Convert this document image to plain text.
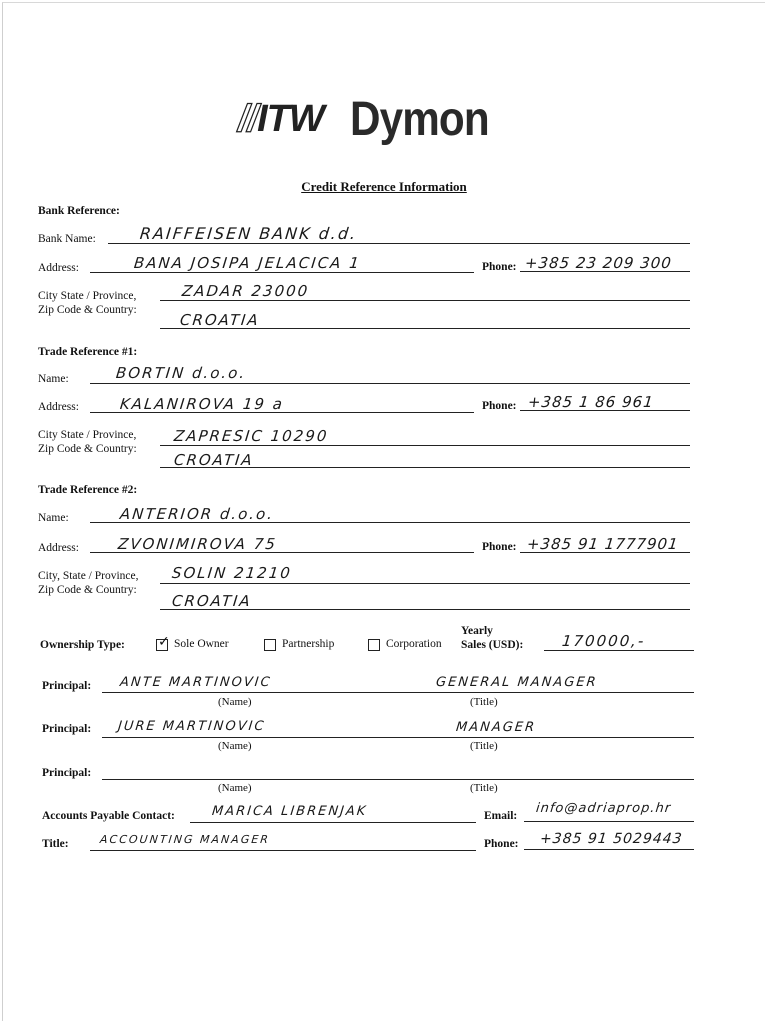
//ITW Dymon
Credit Reference Information
Bank Reference:
Bank Name:	RAIFFEISEN BANK d.d.
Address:	BANA JOSIPA JELACICA 1	Phone: +385 23 209 300
City State / Province,
Zip Code & Country:
ZADAR 23000
CROATIA
Trade Reference #1:
Name:	BORTIN d.o.o.
Address:	KALANIROVA 19 a	Phone: +385 1 86 961
City State / Province,
Zip Code & Country:
ZAPRESIC 10290
CROATIA
Trade Reference #2:
Name:	ANTERIOR d.o.o.
Address:	ZVONIMIROVA 75	Phone: +385 91 1777901
City, State / Province,
Zip Code & Country:
SOLIN 21210
CROATIA
Ownership Type: ✓ Sole Owner	Partnership	Corporation
Yearly
Sales (USD):	170000,-
Principal: ANTE MARTINOVIC	GENERAL MANAGER
(Name)	(Title)
Principal: JURE MARTINOVIC	MANAGER
(Name)	(Title)
Principal:
(Name)	(Title)
Accounts Payable Contact:	MARICA LIBRENJAK	Email: info@adriaprop.hr
Title:	ACCOUNTING MANAGER	Phone: +385 91 5029443
